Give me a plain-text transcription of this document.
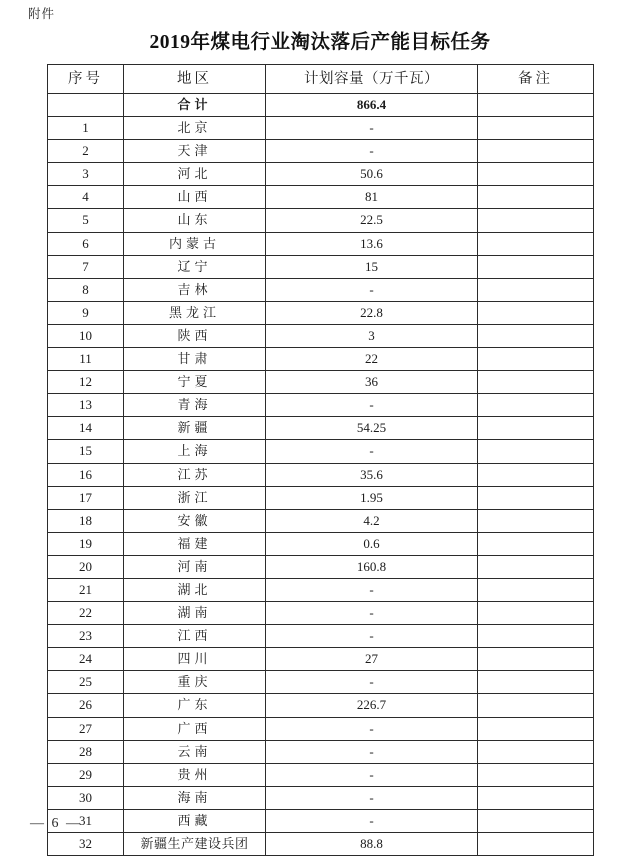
附件
2019年煤电行业淘汰落后产能目标任务
序号	地区	计划容量（万千瓦）	备注
	合计	866.4	
1	北京	-	
2	天津	-	
3	河北	50.6	
4	山西	81	
5	山东	22.5	
6	内蒙古	13.6	
7	辽宁	15	
8	吉林	-	
9	黑龙江	22.8	
10	陕西	3	
11	甘肃	22	
12	宁夏	36	
13	青海	-	
14	新疆	54.25	
15	上海	-	
16	江苏	35.6	
17	浙江	1.95	
18	安徽	4.2	
19	福建	0.6	
20	河南	160.8	
21	湖北	-	
22	湖南	-	
23	江西	-	
24	四川	27	
25	重庆	-	
26	广东	226.7	
27	广西	-	
28	云南	-	
29	贵州	-	
30	海南	-	
31	西藏	-	
32	新疆生产建设兵团	88.8	
— 6 —
